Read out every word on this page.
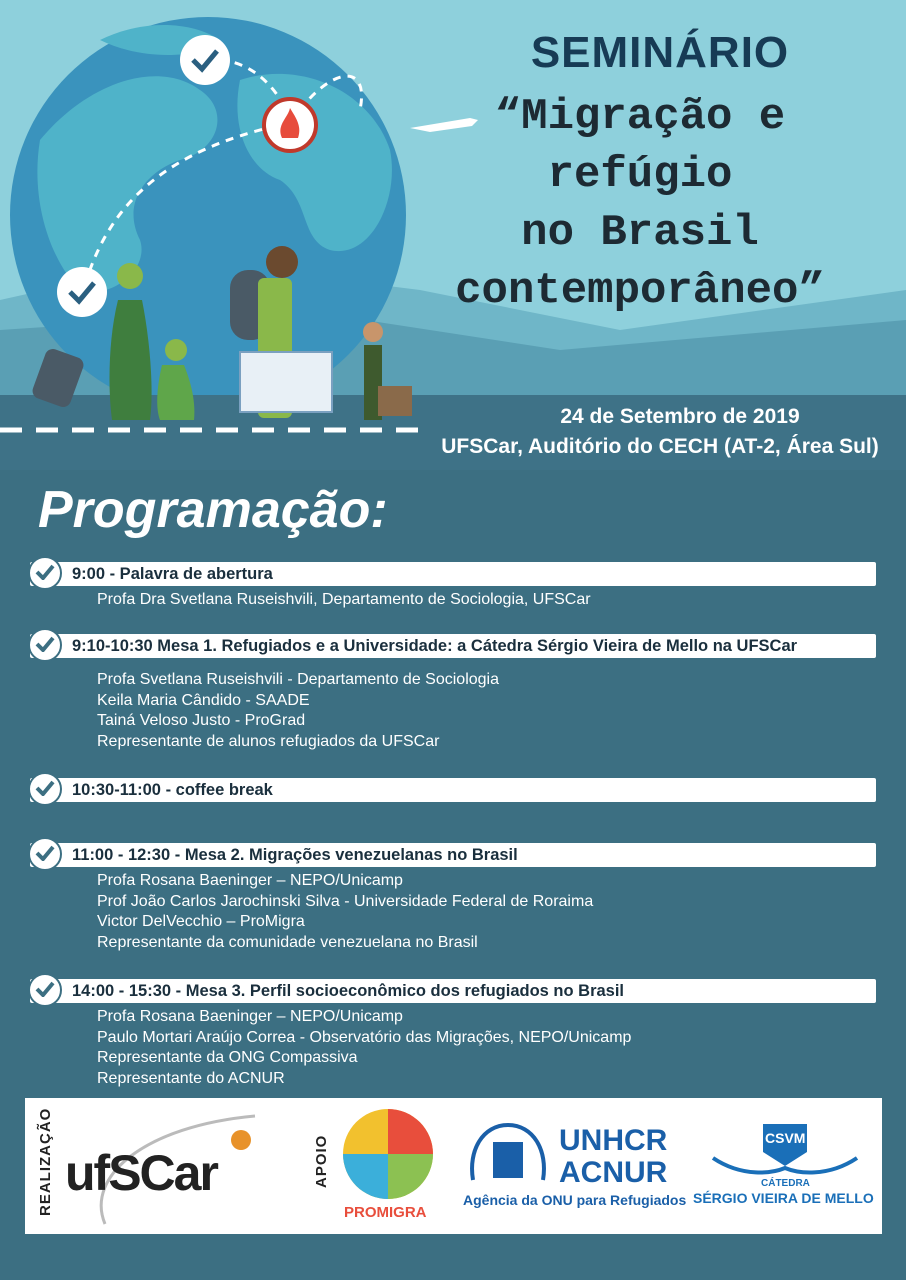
SEMINÁRIO
“Migração e
refúgio
no Brasil
contemporâneo”
24 de Setembro de 2019
UFSCar, Auditório do CECH (AT-2, Área Sul)
Programação:
9:00 - Palavra de abertura
Profa Dra Svetlana Ruseishvili, Departamento de Sociologia, UFSCar
9:10-10:30 Mesa 1. Refugiados e a Universidade: a Cátedra Sérgio Vieira de Mello na UFSCar
Profa Svetlana Ruseishvili - Departamento de Sociologia
Keila Maria Cândido - SAADE
Tainá Veloso Justo - ProGrad
Representante de alunos refugiados da UFSCar
10:30-11:00 - coffee break
11:00 - 12:30 - Mesa 2. Migrações venezuelanas no Brasil
Profa Rosana Baeninger – NEPO/Unicamp
Prof João Carlos Jarochinski Silva - Universidade Federal de Roraima
Victor DelVecchio – ProMigra
Representante da comunidade venezuelana no Brasil
14:00 - 15:30 - Mesa 3. Perfil socioeconômico dos refugiados no Brasil
Profa Rosana Baeninger – NEPO/Unicamp
Paulo Mortari Araújo Correa - Observatório das Migrações, NEPO/Unicamp
Representante da ONG Compassiva
Representante do ACNUR
REALIZAÇÃO ufSCar	APOIO
PROMIGRA
UNHCR
ACNUR
Agência da ONU para Refugiados
CSVM
CÁTEDRA
SÉRGIO VIEIRA DE MELLO
